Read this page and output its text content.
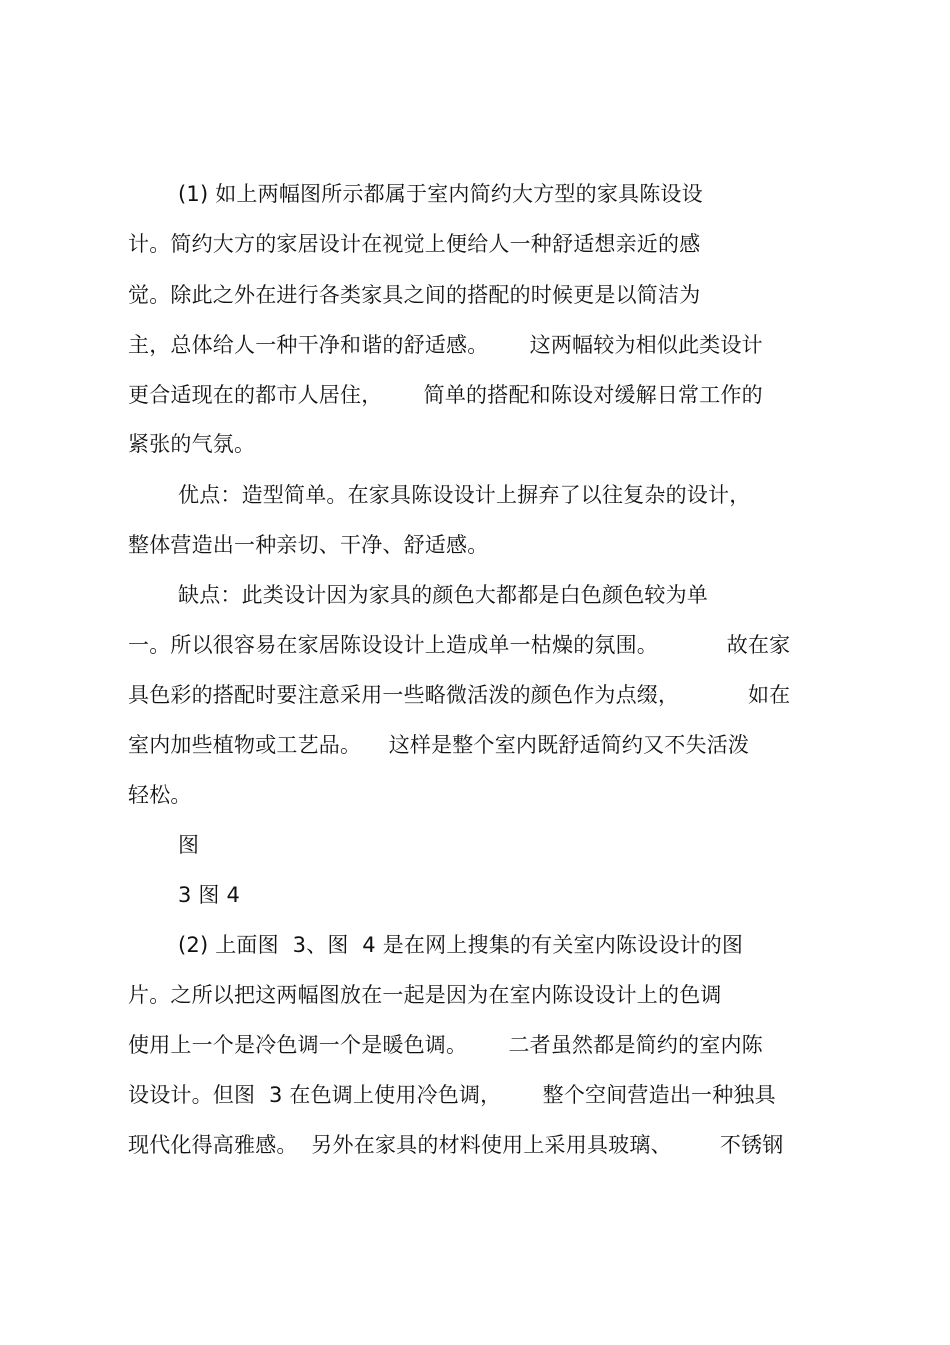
(1) 如上两幅图所示都属于室内简约大方型的家具陈设设
计。简约大方的家居设计在视觉上便给人一种舒适想亲近的感
觉。除此之外在进行各类家具之间的搭配的时候更是以简洁为
主，总体给人一种干净和谐的舒适感。      这两幅较为相似此类设计
更合适现在的都市人居住，      简单的搭配和陈设对缓解日常工作的
紧张的气氛。
优点：造型简单。在家具陈设设计上摒弃了以往复杂的设计，
整体营造出一种亲切、干净、舒适感。
缺点：此类设计因为家具的颜色大都都是白色颜色较为单
一。所以很容易在家居陈设设计上造成单一枯燥的氛围。          故在家
具色彩的搭配时要注意采用一些略微活泼的颜色作为点缀，          如在
室内加些植物或工艺品。    这样是整个室内既舒适简约又不失活泼
轻松。
图
3 图 4
(2) 上面图  3、图  4 是在网上搜集的有关室内陈设设计的图
片。之所以把这两幅图放在一起是因为在室内陈设设计上的色调
使用上一个是冷色调一个是暖色调。      二者虽然都是简约的室内陈
设设计。但图  3 在色调上使用冷色调，      整个空间营造出一种独具
现代化得高雅感。  另外在家具的材料使用上采用具玻璃、       不锈钢
